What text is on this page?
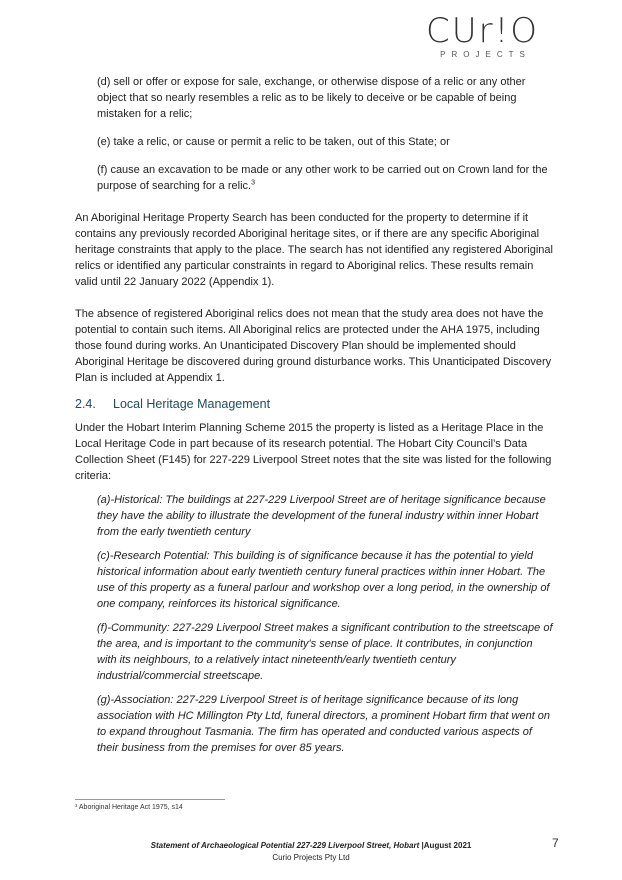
CUr!O
PROJECTS

(d) sell or offer or expose for sale, exchange, or otherwise dispose of a relic or any other object that so nearly resembles a relic as to be likely to deceive or be capable of being mistaken for a relic;

(e) take a relic, or cause or permit a relic to be taken, out of this State; or

(f) cause an excavation to be made or any other work to be carried out on Crown land for the purpose of searching for a relic.$^3$

An Aboriginal Heritage Property Search has been conducted for the property to determine if it contains any previously recorded Aboriginal heritage sites, or if there are any specific Aboriginal heritage constraints that apply to the place. The search has not identified any registered Aboriginal relics or identified any particular constraints in regard to Aboriginal relics. These results remain valid until 22 January 2022 (Appendix 1).

The absence of registered Aboriginal relics does not mean that the study area does not have the potential to contain such items. All Aboriginal relics are protected under the AHA 1975, including those found during works. An Unanticipated Discovery Plan should be implemented should Aboriginal Heritage be discovered during ground disturbance works. This Unanticipated Discovery Plan is included at Appendix 1.

2.4. Local Heritage Management

Under the Hobart Interim Planning Scheme 2015 the property is listed as a Heritage Place in the Local Heritage Code in part because of its research potential. The Hobart City Council’s Data Collection Sheet (F145) for 227-229 Liverpool Street notes that the site was listed for the following criteria:

(a)-Historical: The buildings at 227-229 Liverpool Street are of heritage significance because they have the ability to illustrate the development of the funeral industry within inner Hobart from the early twentieth century

(c)-Research Potential: This building is of significance because it has the potential to yield historical information about early twentieth century funeral practices within inner Hobart. The use of this property as a funeral parlour and workshop over a long period, in the ownership of one company, reinforces its historical significance.

(f)-Community: 227-229 Liverpool Street makes a significant contribution to the streetscape of the area, and is important to the community's sense of place. It contributes, in conjunction with its neighbours, to a relatively intact nineteenth/early twentieth century industrial/commercial streetscape.

(g)-Association: 227-229 Liverpool Street is of heritage significance because of its long association with HC Millington Pty Ltd, funeral directors, a prominent Hobart firm that went on to expand throughout Tasmania. The firm has operated and conducted various aspects of their business from the premises for over 85 years.

³ Aboriginal Heritage Act 1975, s14
Statement of Archaeological Potential 227-229 Liverpool Street, Hobart |August 2021
Curio Projects Pty Ltd
7
